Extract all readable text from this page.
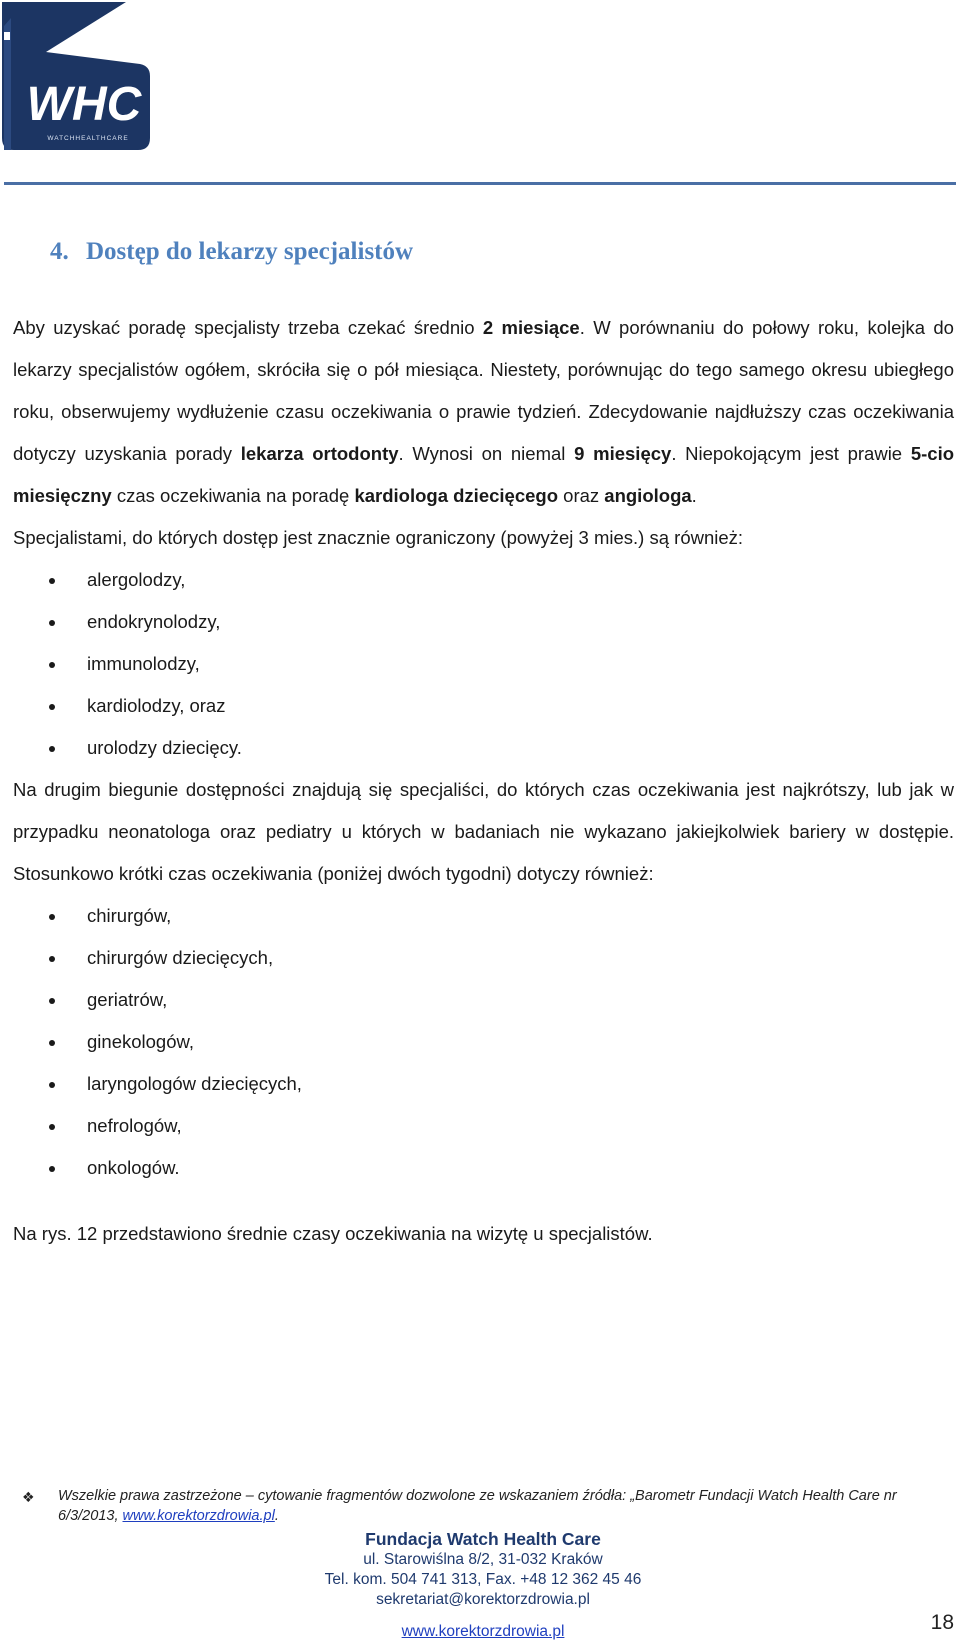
WHC
WATCHHEALTHCARE
4. Dostęp do lekarzy specjalistów

Aby uzyskać poradę specjalisty trzeba czekać średnio 2 miesiące. W porównaniu do połowy roku, kolejka do lekarzy specjalistów ogółem, skróciła się o pół miesiąca. Niestety, porównując do tego samego okresu ubiegłego roku, obserwujemy wydłużenie czasu oczekiwania o prawie tydzień. Zdecydowanie najdłuższy czas oczekiwania dotyczy uzyskania porady lekarza ortodonty. Wynosi on niemal 9 miesięcy. Niepokojącym jest prawie 5-cio miesięczny czas oczekiwania na poradę kardiologa dziecięcego oraz angiologa.

Specjalistami, do których dostęp jest znacznie ograniczony (powyżej 3 mies.) są również:

alergolodzy,
endokrynolodzy,
immunolodzy,
kardiolodzy, oraz
urolodzy dziecięcy.

Na drugim biegunie dostępności znajdują się specjaliści, do których czas oczekiwania jest najkrótszy, lub jak w przypadku neonatologa oraz pediatry u których w badaniach nie wykazano jakiejkolwiek bariery w dostępie. Stosunkowo krótki czas oczekiwania (poniżej dwóch tygodni) dotyczy również:

chirurgów,
chirurgów dziecięcych,
geriatrów,
ginekologów,
laryngologów dziecięcych,
nefrologów,
onkologów.

Na rys. 12 przedstawiono średnie czasy oczekiwania na wizytę u specjalistów.

❖	Wszelkie prawa zastrzeżone – cytowanie fragmentów dozwolone ze wskazaniem źródła: „Barometr Fundacji Watch Health Care nr 6/3/2013, www.korektorzdrowia.pl.
Fundacja Watch Health Care
ul. Starowiślna 8/2, 31-032 Kraków
Tel. kom. 504 741 313, Fax. +48 12 362 45 46
sekretariat@korektorzdrowia.pl
www.korektorzdrowia.pl	18
